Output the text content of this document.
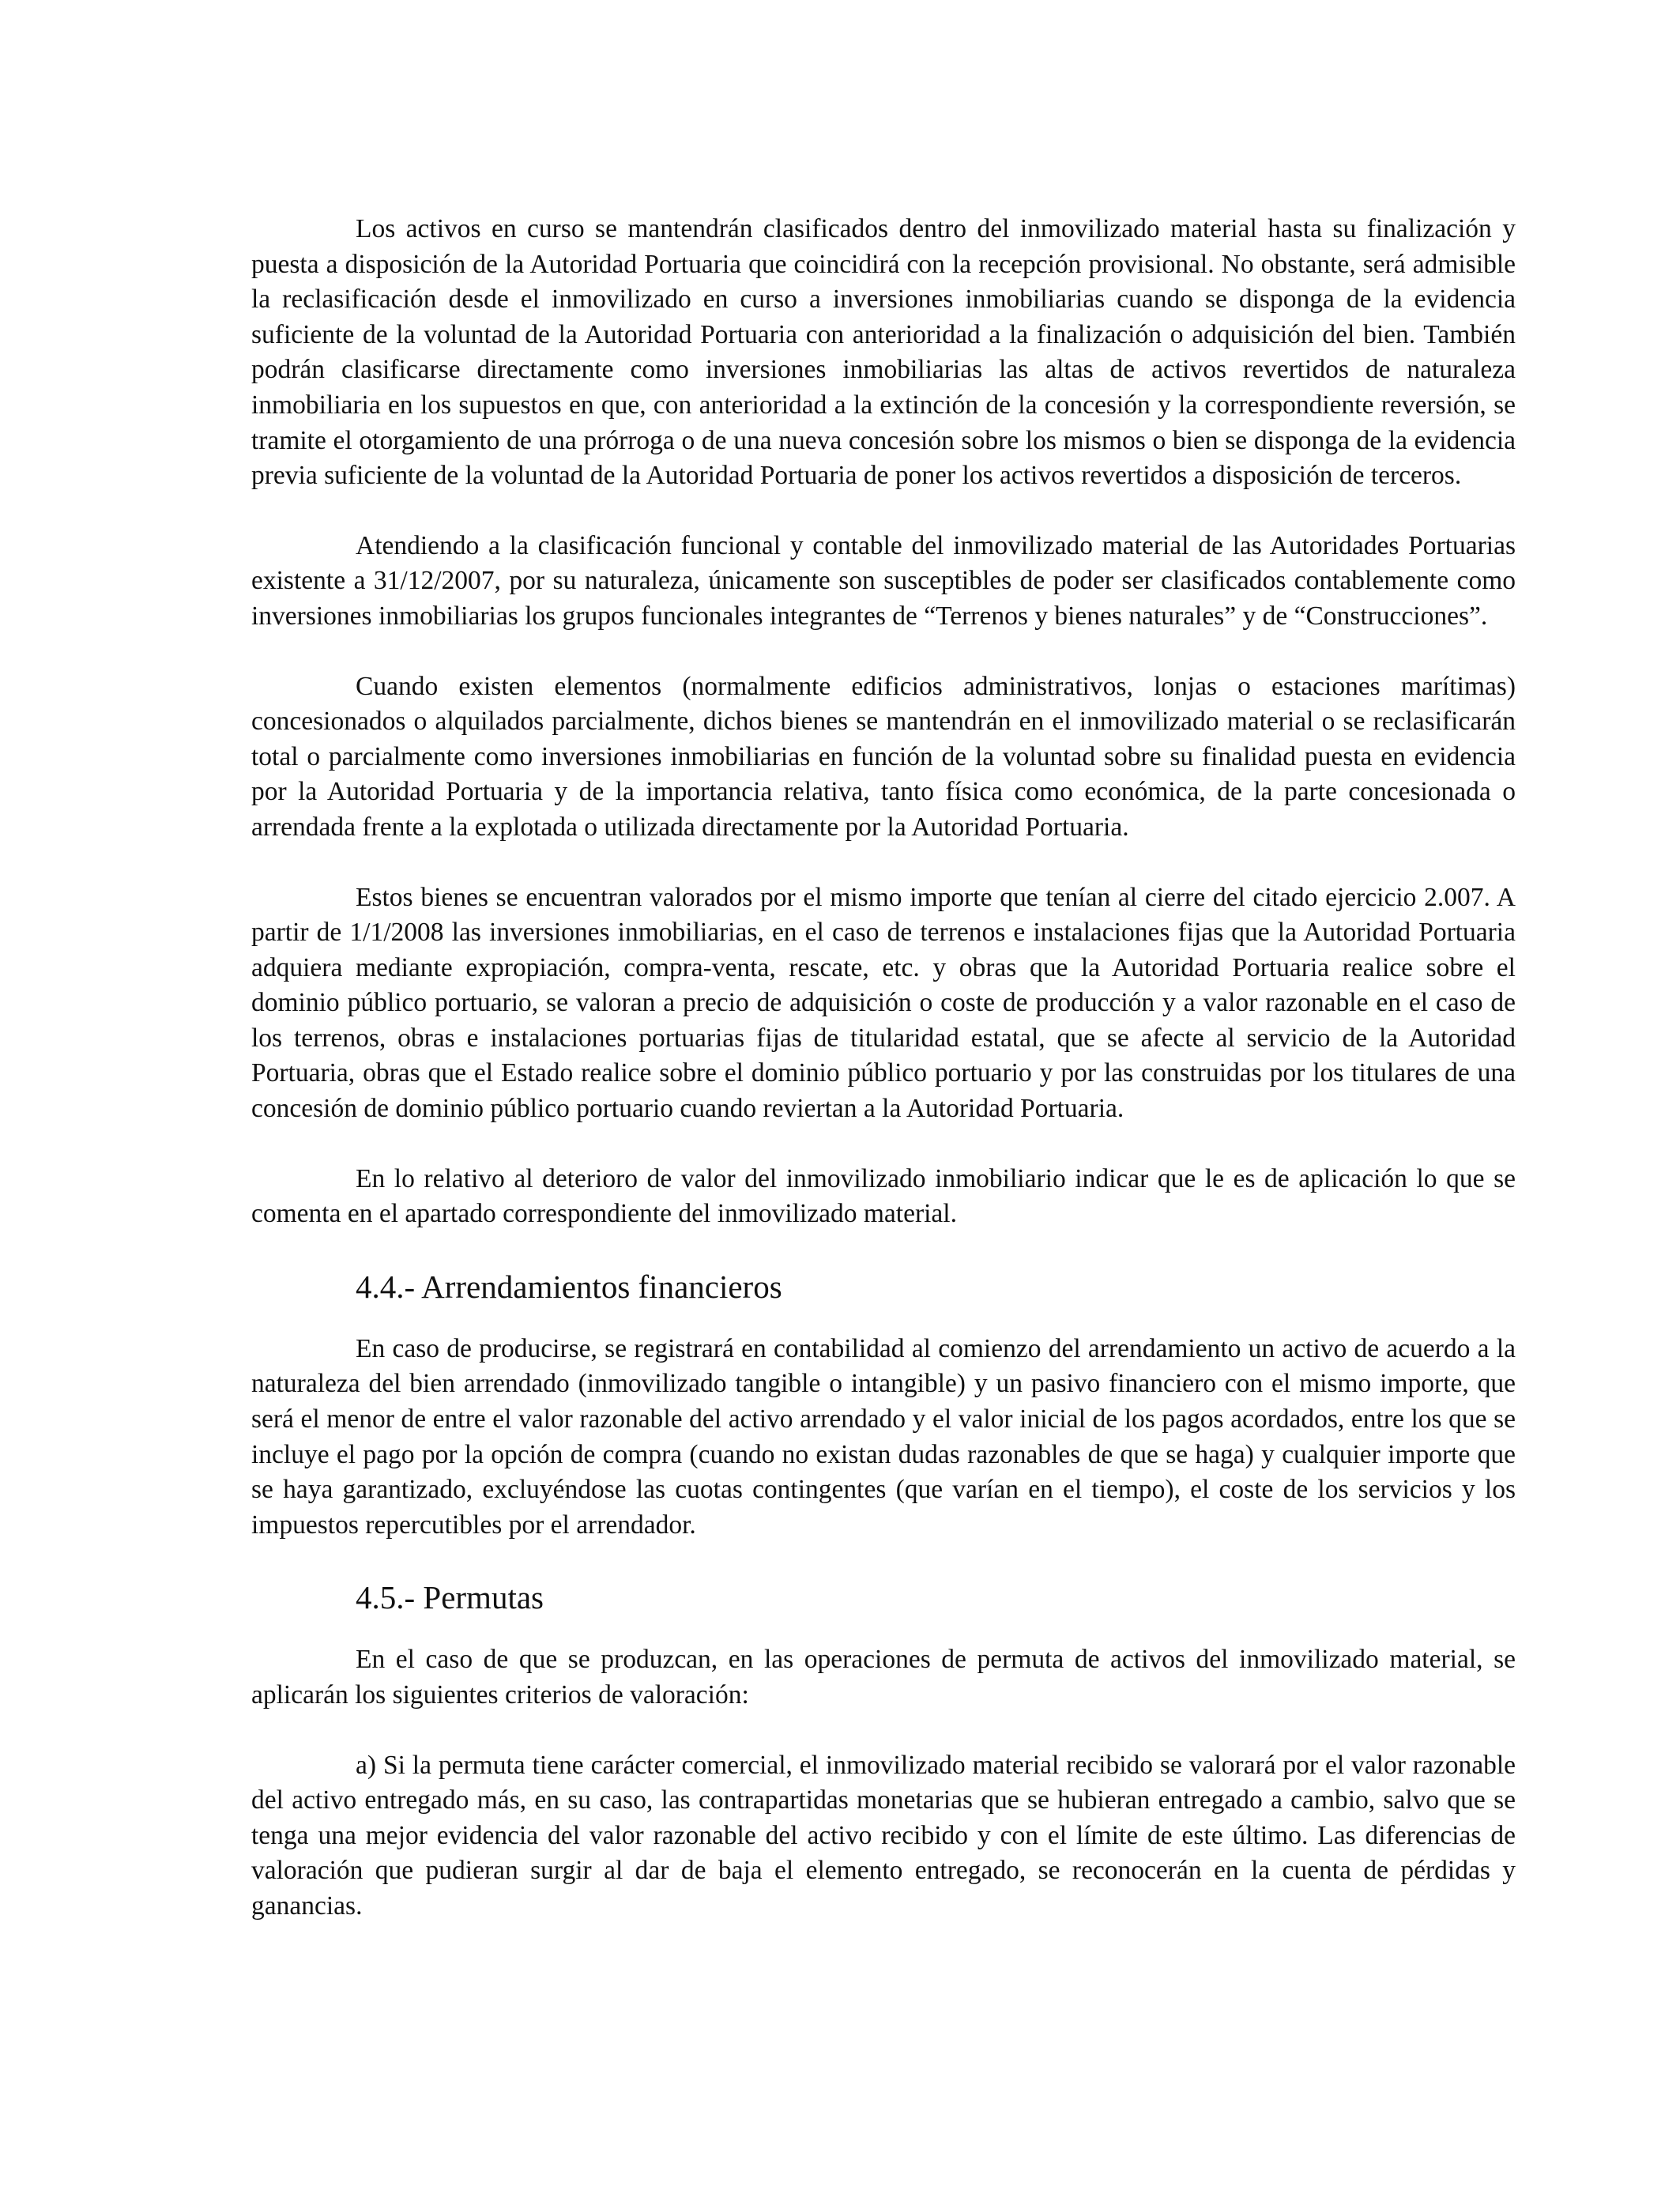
Los activos en curso se mantendrán clasificados dentro del inmovilizado material hasta su finalización y puesta a disposición de la Autoridad Portuaria que coincidirá con la recepción provisional. No obstante, será admisible la reclasificación desde el inmovilizado en curso a inversiones inmobiliarias cuando se disponga de la evidencia suficiente de la voluntad de la Autoridad Portuaria con anterioridad a la finalización o adquisición del bien. También podrán clasificarse directamente como inversiones inmobiliarias las altas de activos revertidos de naturaleza inmobiliaria en los supuestos en que, con anterioridad a la extinción de la concesión y la correspondiente reversión, se tramite el otorgamiento de una prórroga o de una nueva concesión sobre los mismos o bien se disponga de la evidencia previa suficiente de la voluntad de la Autoridad Portuaria de poner los activos revertidos a disposición de terceros.

Atendiendo a la clasificación funcional y contable del inmovilizado material de las Autoridades Portuarias existente a 31/12/2007, por su naturaleza, únicamente son susceptibles de poder ser clasificados contablemente como inversiones inmobiliarias los grupos funcionales integrantes de “Terrenos y bienes naturales” y de “Construcciones”.

Cuando existen elementos (normalmente edificios administrativos, lonjas o estaciones marítimas) concesionados o alquilados parcialmente, dichos bienes se mantendrán en el inmovilizado material o se reclasificarán total o parcialmente como inversiones inmobiliarias en función de la voluntad sobre su finalidad puesta en evidencia por la Autoridad Portuaria y de la importancia relativa, tanto física como económica, de la parte concesionada o arrendada frente a la explotada o utilizada directamente por la Autoridad Portuaria.

Estos bienes se encuentran valorados por el mismo importe que tenían al cierre del citado ejercicio 2.007. A partir de 1/1/2008 las inversiones inmobiliarias, en el caso de terrenos e instalaciones fijas que la Autoridad Portuaria adquiera mediante expropiación, compra-venta, rescate, etc. y obras que la Autoridad Portuaria realice sobre el dominio público portuario, se valoran a precio de adquisición o coste de producción y a valor razonable en el caso de los terrenos, obras e instalaciones portuarias fijas de titularidad estatal, que se afecte al servicio de la Autoridad Portuaria, obras que el Estado realice sobre el dominio público portuario y por las construidas por los titulares de una concesión de dominio público portuario cuando reviertan a la Autoridad Portuaria.

En lo relativo al deterioro de valor del inmovilizado inmobiliario indicar que le es de aplicación lo que se comenta en el apartado correspondiente del inmovilizado material.

4.4.- Arrendamientos financieros

En caso de producirse, se registrará en contabilidad al comienzo del arrendamiento un activo de acuerdo a la naturaleza del bien arrendado (inmovilizado tangible o intangible) y un pasivo financiero con el mismo importe, que será el menor de entre el valor razonable del activo arrendado y el valor inicial de los pagos acordados, entre los que se incluye el pago por la opción de compra (cuando no existan dudas razonables de que se haga) y cualquier importe que se haya garantizado, excluyéndose las cuotas contingentes (que varían en el tiempo), el coste de los servicios y los impuestos repercutibles por el arrendador.

4.5.- Permutas

En el caso de que se produzcan, en las operaciones de permuta de activos del inmovilizado material, se aplicarán los siguientes criterios de valoración:

a) Si la permuta tiene carácter comercial, el inmovilizado material recibido se valorará por el valor razonable del activo entregado más, en su caso, las contrapartidas monetarias que se hubieran entregado a cambio, salvo que se tenga una mejor evidencia del valor razonable del activo recibido y con el límite de este último. Las diferencias de valoración que pudieran surgir al dar de baja el elemento entregado, se reconocerán en la cuenta de pérdidas y ganancias.
